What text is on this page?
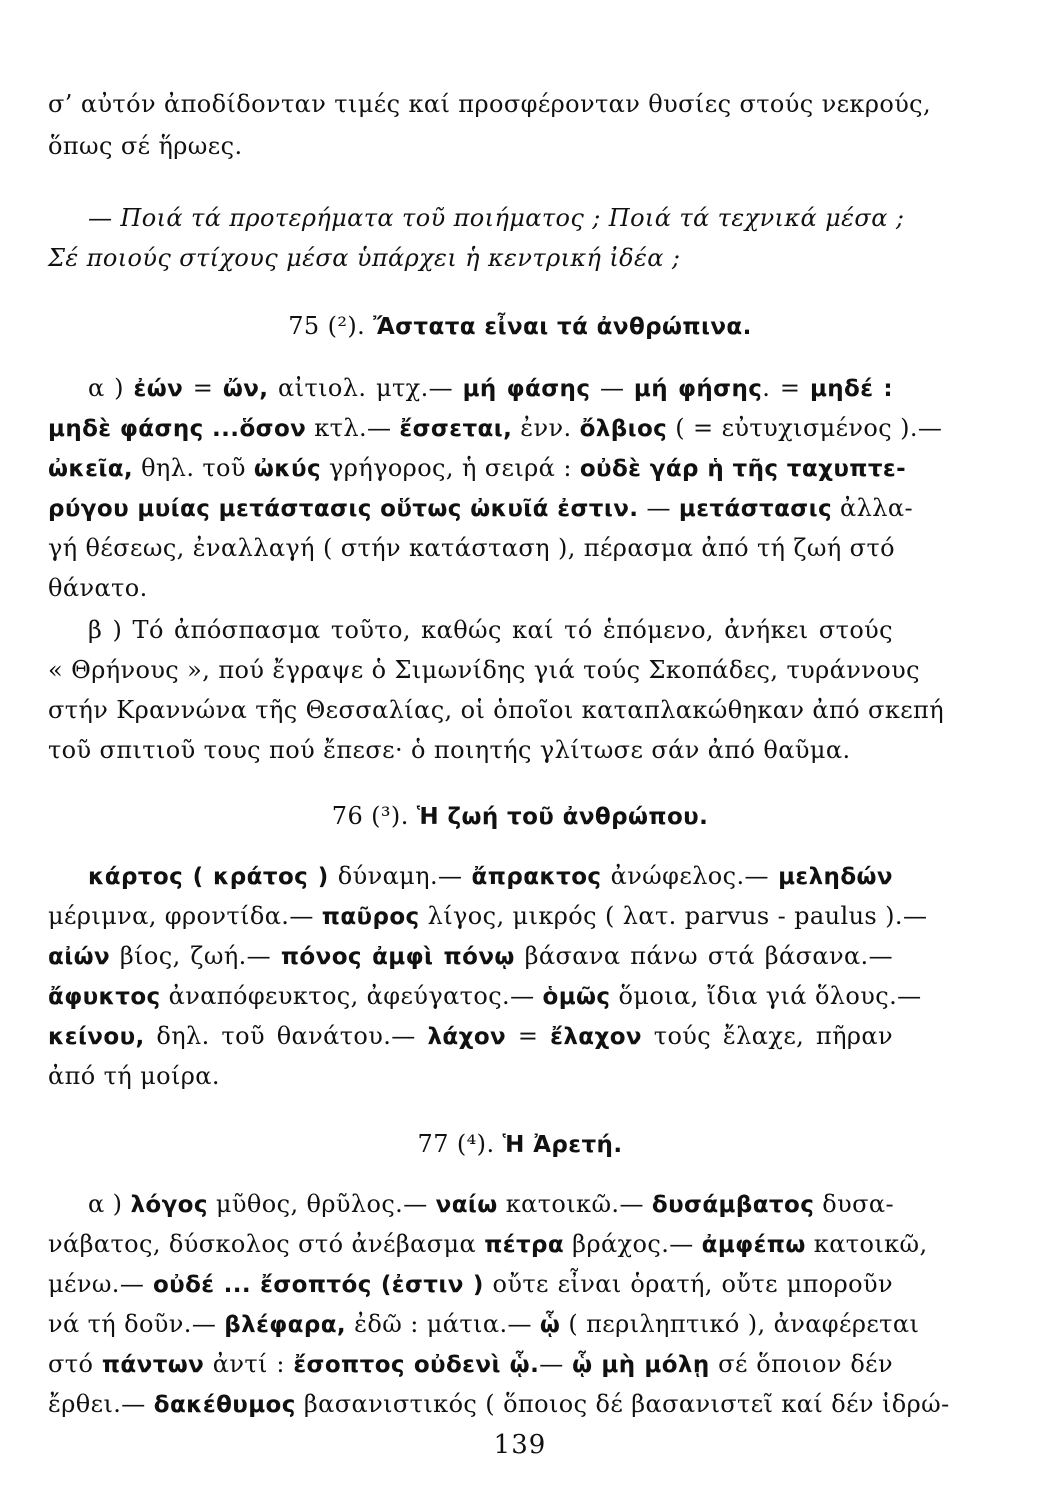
σ’ αὐτόν ἀποδίδονταν τιμές καί προσφέρονταν θυσίες στούς νεκρούς,
ὅπως σέ ἥρωες.
— Ποιά τά προτερήματα τοῦ ποιήματος ; Ποιά τά τεχνικά μέσα ;
Σέ ποιούς στίχους μέσα ὑπάρχει ἡ κεντρική ἰδέα ;
75 (²). Ἄστατα εἶναι τά ἀνθρώπινα.
α ) ἐών = ὤν, αἰτιολ. μτχ.— μή φάσης — μή φήσης. = μηδέ :
μηδὲ φάσης ...ὅσον κτλ.— ἔσσεται, ἐνν. ὄλβιος ( = εὐτυχισμένος ).—
ὠκεῖα, θηλ. τοῦ ὠκύς γρήγορος, ἡ σειρά : οὐδὲ γάρ ἡ τῆς ταχυπτε-
ρύγου μυίας μετάστασις οὕτως ὠκυῖά ἐστιν. — μετάστασις ἀλλα-
γή θέσεως, ἐναλλαγή ( στήν κατάσταση ), πέρασμα ἀπό τή ζωή στό
θάνατο.
β ) Τό ἀπόσπασμα τοῦτο, καθώς καί τό ἑπόμενο, ἀνήκει στούς
« Θρήνους », πού ἔγραψε ὁ Σιμωνίδης γιά τούς Σκοπάδες, τυράννους
στήν Κραννώνα τῆς Θεσσαλίας, οἱ ὁποῖοι καταπλακώθηκαν ἀπό σκεπή
τοῦ σπιτιοῦ τους πού ἔπεσε· ὁ ποιητής γλίτωσε σάν ἀπό θαῦμα.
76 (³). Ἡ ζωή τοῦ ἀνθρώπου.
κάρτος ( κράτος ) δύναμη.— ἄπρακτος ἀνώφελος.— μεληδών
μέριμνα, φροντίδα.— παῦρος λίγος, μικρός ( λατ. parvus - paulus ).—
αἰών βίος, ζωή.— πόνος ἀμφὶ πόνῳ βάσανα πάνω στά βάσανα.—
ἄφυκτος ἀναπόφευκτος, ἀφεύγατος.— ὁμῶς ὅμοια, ἴδια γιά ὅλους.—
κείνου, δηλ. τοῦ θανάτου.— λάχον = ἔλαχον τούς ἔλαχε, πῆραν
ἀπό τή μοίρα.
77 (⁴). Ἡ Ἀρετή.
α ) λόγος μῦθος, θρῦλος.— ναίω κατοικῶ.— δυσάμβατος δυσα-
νάβατος, δύσκολος στό ἀνέβασμα πέτρα βράχος.— ἀμφέπω κατοικῶ,
μένω.— οὐδέ ... ἔσοπτός (ἐστιν ) οὔτε εἶναι ὁρατή, οὔτε μποροῦν
νά τή δοῦν.— βλέφαρα, ἐδῶ : μάτια.— ᾧ ( περιληπτικό ), ἀναφέρεται
στό πάντων ἀντί : ἔσοπτος οὐδενὶ ᾧ.— ᾧ μὴ μόλῃ σέ ὅποιον δέν
ἔρθει.— δακέθυμος βασανιστικός ( ὅποιος δέ βασανιστεῖ καί δέν ἱδρώ-
139
